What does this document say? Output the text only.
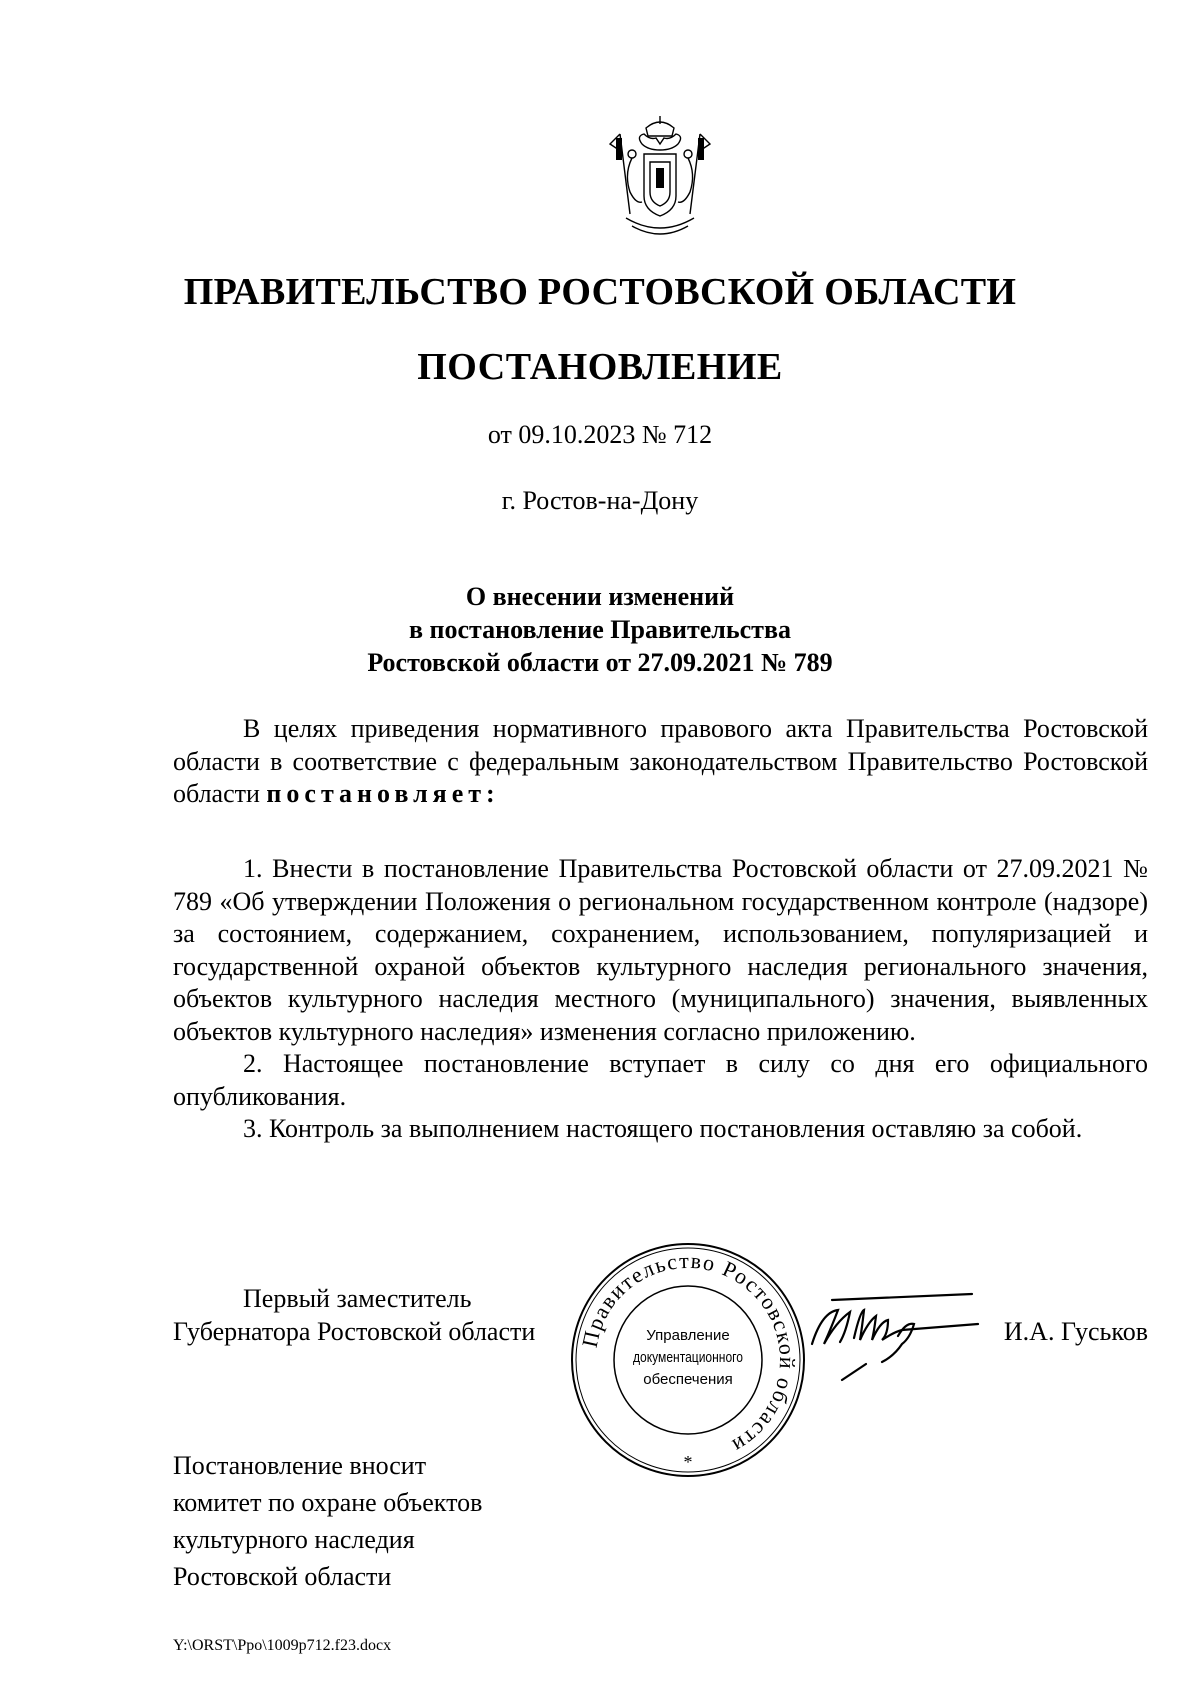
ПРАВИТЕЛЬСТВО РОСТОВСКОЙ ОБЛАСТИ
ПОСТАНОВЛЕНИЕ
от 09.10.2023 № 712
г. Ростов-на-Дону
О внесении изменений
в постановление Правительства
Ростовской области от 27.09.2021 № 789

В целях приведения нормативного правового акта Правительства Ростовской области в соответствие с федеральным законодательством Правительство Ростовской области постановляет:

1. Внести в постановление Правительства Ростовской области от 27.09.2021 № 789 «Об утверждении Положения о региональном государственном контроле (надзоре) за состоянием, содержанием, сохранением, использованием, популяризацией и государственной охраной объектов культурного наследия регионального значения, объектов культурного наследия местного (муниципального) значения, выявленных объектов культурного наследия» изменения согласно приложению.

2. Настоящее постановление вступает в силу со дня его официального опубликования.

3. Контроль за выполнением настоящего постановления оставляю за собой.

Первый заместитель
Губернатора Ростовской области Правительство Ростовской области
Управление
документационного
обеспечения
*
И.А. Гуськов
Постановление вносит
комитет по охране объектов
культурного наследия
Ростовской области
Y:\ORST\Ppo\1009p712.f23.docx
